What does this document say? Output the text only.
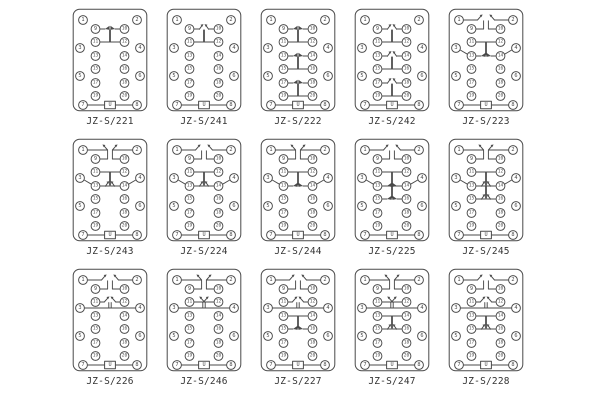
U
1	2
3	4
5	6
7	8
9	10
11	12
13	14
15	16
17	18
19	20
JZ-S/221
U
1	2
3	4
5	6
7	8
9	10
11	12
13	14
15	16
17	18
19	20
JZ-S/241
U
1	2
3	4
5	6
7	8
9	10
11	12
13	14
15	16
17	18
19	20
JZ-S/222
U
1	2
3	4
5	6
7	8
9	10
11	12
13	14
15	16
17	18
19	20
JZ-S/242
U
1	2
3	4
5	6
7	8
9	10
11	12
13	14
15	16
17	18
19	20
JZ-S/223
U
1	2
3	4
5	6
7	8
9	10
11	12
13	14
15	16
17	18
19	20
JZ-S/243
U
1	2
3	4
5	6
7	8
9	10
11	12
13	14
15	16
17	18
19	20
JZ-S/224
U
1	2
3	4
5	6
7	8
9	10
11	12
13	14
15	16
17	18
19	20
JZ-S/244
U
1	2
3	4
5	6
7	8
9	10
11	12
13	14
15	16
17	18
19	20
JZ-S/225
U
1	2
3	4
5	6
7	8
9	10
11	12
13	14
15	16
17	18
19	20
JZ-S/245
U
1	2
3	4
5	6
7	8
9	10
11	12
13	14
15	16
17	18
19	20
JZ-S/226
U
1	2
3	4
5	6
7	8
9	10
11	12
13	14
15	16
17	18
19	20
JZ-S/246
U
1	2
3	4
5	6
7	8
9	10
11	12
13	14
15	16
17	18
19	20
JZ-S/227
U
1	2
3	4
5	6
7	8
9	10
11	12
13	14
15	16
17	18
19	20
JZ-S/247
U
1	2
3	4
5	6
7	8
9	10
11	12
13	14
15	16
17	18
19	20
JZ-S/228
